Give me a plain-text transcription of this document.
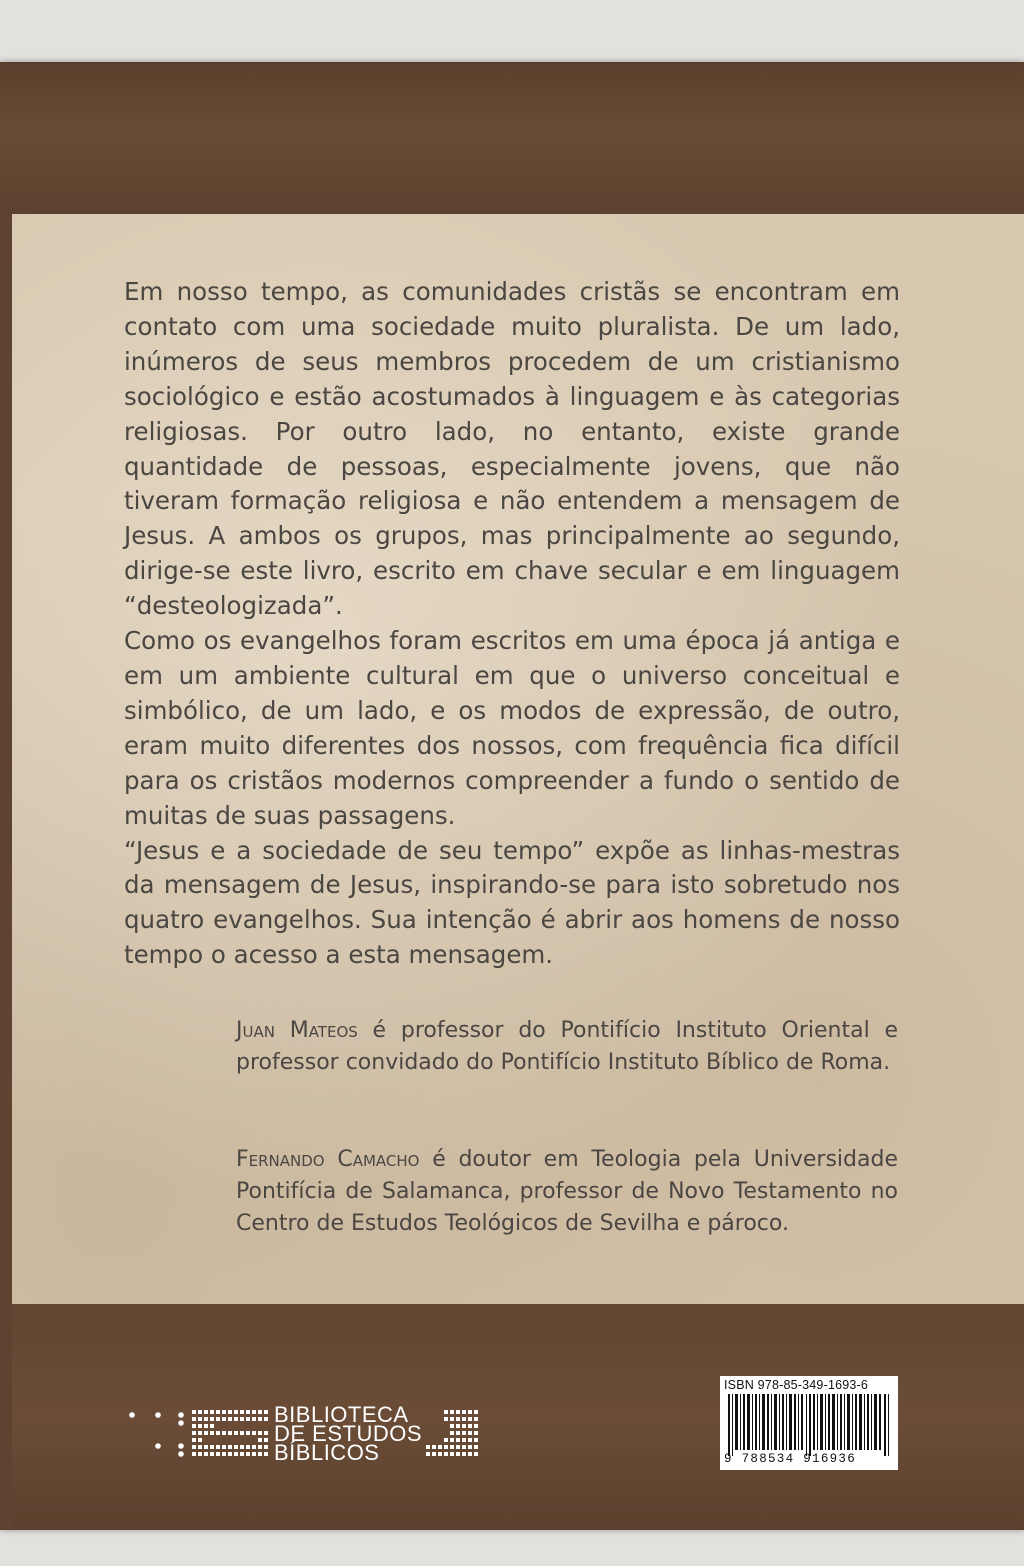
Em nosso tempo, as comunidades cristãs se encontram em contato com uma sociedade muito pluralista. De um lado, inúmeros de seus membros procedem de um cristianismo sociológico e estão acostumados à linguagem e às categorias religiosas. Por outro lado, no entanto, existe grande quantidade de pessoas, especialmente jovens, que não tiveram formação religiosa e não entendem a mensagem de Jesus. A ambos os grupos, mas principalmente ao segundo, dirige-se este livro, escrito em chave secular e em linguagem “desteologizada”.

Como os evangelhos foram escritos em uma época já antiga e em um ambiente cultural em que o universo conceitual e simbólico, de um lado, e os modos de expressão, de outro, eram muito diferentes dos nossos, com frequência fica difícil para os cristãos modernos compreender a fundo o sentido de muitas de suas passagens.

“Jesus e a sociedade de seu tempo” expõe as linhas-mestras da mensagem de Jesus, inspirando-se para isto sobretudo nos quatro evangelhos. Sua intenção é abrir aos homens de nosso tempo o acesso a esta mensagem.

Juan Mateos é professor do Pontifício Instituto Oriental e professor convidado do Pontifício Instituto Bíblico de Roma.

Fernando Camacho é doutor em Teologia pela Universidade Pontifícia de Salamanca, professor de Novo Testamento no Centro de Estudos Teológicos de Sevilha e pároco.

BIBLIOTECA
DE ESTUDOS
BÍBLICOS
ISBN 978-85-349-1693-6
9 788534 916936
